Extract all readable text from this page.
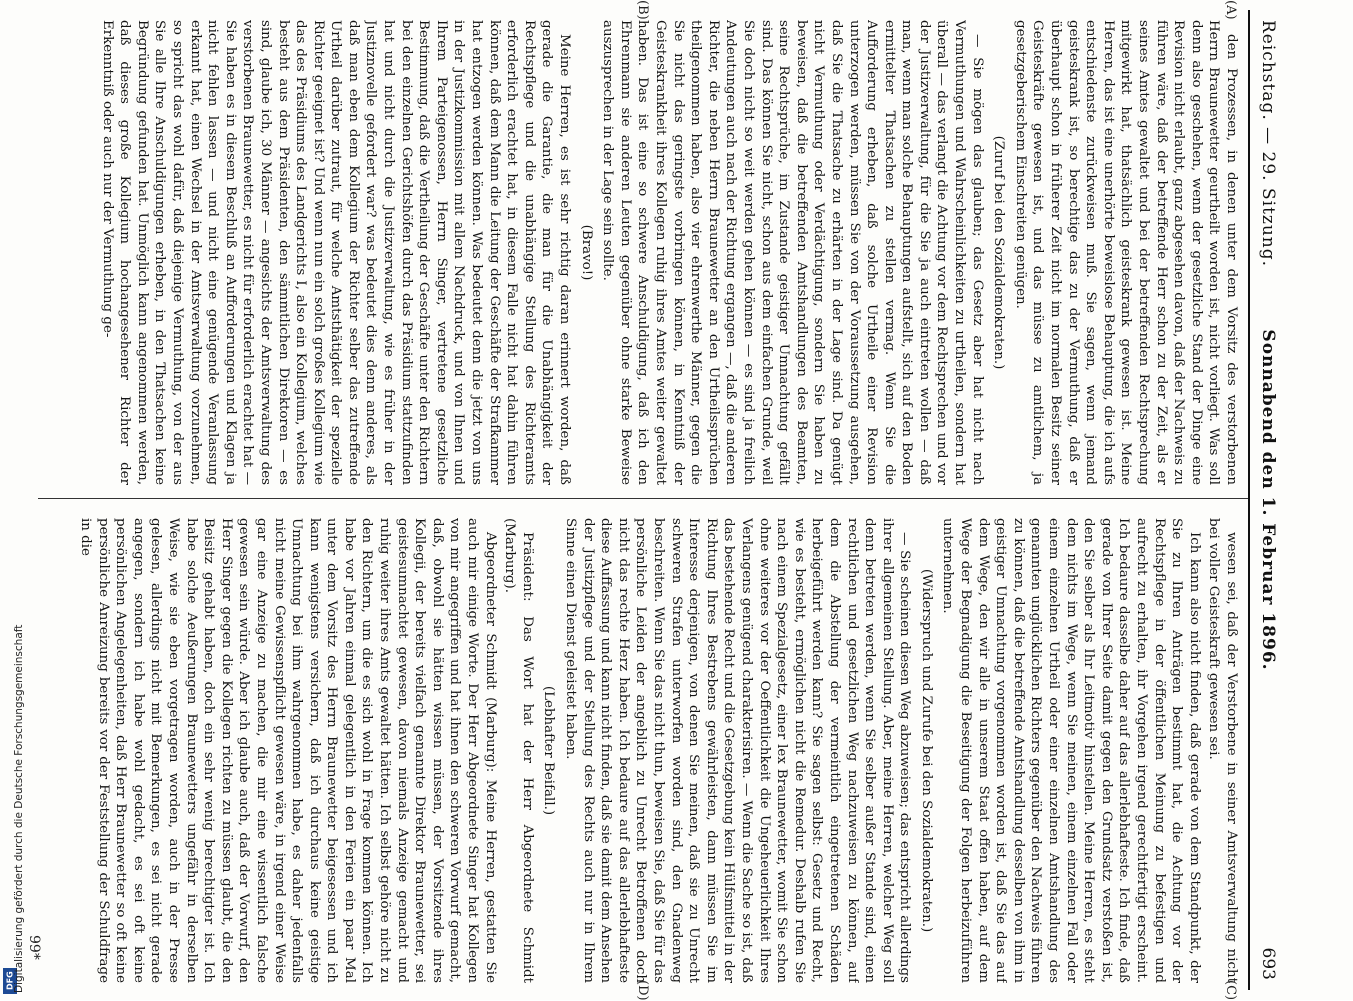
Reichstag. — 29. Sitzung.
Sonnabend den 1. Februar 1896.
693

den Prozessen, in denen unter dem Vorsitz des verstorbenen Herrn Braunewetter geurtheilt worden ist, nicht vorliegt. Was soll denn also geschehen, wenn der gesetzliche Stand der Dinge eine Revision nicht erlaubt, ganz abgesehen davon, daß der Nachweis zu führen wäre, daß der betreffende Herr schon zu der Zeit, als er seines Amtes gewaltet und bei der betreffenden Rechtsprechung mitgewirkt hat, thatsächlich geisteskrank gewesen ist. Meine Herren, das ist eine unerhörte beweislose Behauptung, die ich aufs entschiedenste zurückweisen muß. Sie sagen, wenn jemand geisteskrank ist, so berechtige das zu der Vermuthung, daß er überhaupt schon in früherer Zeit nicht im normalen Besitz seiner Geisteskräfte gewesen ist, und das müsse zu amtlichem, ja gesetzgeberischem Einschreiten genügen.

(Zuruf bei den Sozialdemokraten.)

— Sie mögen das glauben; das Gesetz aber hat nicht nach Vermuthungen und Wahrscheinlichkeiten zu urtheilen, sondern hat überall — das verlangt die Achtung vor dem Rechtsprechen und vor der Justizverwaltung, für die Sie ja auch eintreten wollen — daß man, wenn man solche Behauptungen aufstellt, sich auf den Boden ermittelter Thatsachen zu stellen vermag. Wenn Sie die Aufforderung erheben, daß solche Urtheile einer Revision unterzogen werden, müssen Sie von der Voraussetzung ausgehen, daß Sie die Thatsache zu erhärten in der Lage sind. Da genügt nicht Vermuthung oder Verdächtigung, sondern Sie haben zu beweisen, daß die betreffenden Amtshandlungen des Beamten, seine Rechtsprüche, im Zustande geistiger Umnachtung gefällt sind. Das können Sie nicht, schon aus dem einfachen Grunde, weil Sie doch nicht so weit werden gehen können — es sind ja freilich Andeutungen auch nach der Richtung ergangen —, daß die anderen Richter, die neben Herrn Braunewetter an den Urtheilssprüchen theilgenommen haben, also vier ehrenwerthe Männer, gegen die Sie nicht das geringste vorbringen können, in Kenntniß der Geisteskrankheit ihres Kollegen ruhig ihres Amtes weiter gewaltet haben. Das ist eine so schwere Anschuldigung, daß ich den Ehrenmann sie anderen Leuten gegenüber ohne starke Beweise auszusprechen in der Lage sein sollte.

(Bravo!)

Meine Herren, es ist sehr richtig daran erinnert worden, daß gerade die Garantie, die man für die Unabhängigkeit der Rechtspflege und die unabhängige Stellung des Richteramts erforderlich erachtet hat, in diesem Falle nicht hat dahin führen können, daß dem Mann die Leitung der Geschäfte der Strafkammer hat entzogen werden können. Was bedeutet denn die jetzt von uns in der Justizkommission mit allem Nachdruck, und von Ihnen und Ihrem Parteigenossen, Herrn Singer, vertretene gesetzliche Bestimmung, daß die Vertheilung der Geschäfte unter den Richtern bei den einzelnen Gerichtshöfen durch das Präsidium stattzufinden hat und nicht durch die Justizverwaltung, wie es früher in der Justiznovelle gefordert war? was bedeutet dies denn anderes, als daß man eben dem Kollegium der Richter selber das zutreffende Urtheil darüber zutraut, für welche Amtsthätigkeit der spezielle Richter geeignet ist? Und wenn nun ein solch großes Kollegium wie das des Präsidiums des Landgerichts I, also ein Kollegium, welches besteht aus dem Präsidenten, den sämmtlichen Direktoren — es sind, glaube ich, 30 Männer — angesichts der Amtsverwaltung des verstorbenen Braunewetter, es nicht für erforderlich erachtet hat — Sie haben es in diesem Beschluß an Aufforderungen und Klagen ja nicht fehlen lassen — und nicht eine genügende Veranlassung erkannt hat, einen Wechsel in der Amtsverwaltung vorzunehmen, so spricht das wohl dafür, daß diejenige Vermuthung, von der aus Sie alle Ihre Anschuldigungen erheben, in den Thatsachen keine Begründung gefunden hat. Unmöglich kann angenommen werden, daß dieses große Kollegium hochangesehener Richter der Erkenntniß oder auch nur der Vermuthung ge-

wesen sei, daß der Verstorbene in seiner Amtsverwaltung nicht bei voller Geisteskraft gewesen sei.

Ich kann also nicht finden, daß gerade von dem Standpunkt, der Sie zu Ihren Anträgen bestimmt hat, die Achtung vor der Rechtspflege in der öffentlichen Meinung zu befestigen und aufrecht zu erhalten, ihr Vorgehen irgend gerechtfertigt erscheint. Ich bedaure dasselbe daher auf das allerlebhafteste. Ich finde, daß gerade von Ihrer Seite damit gegen den Grundsatz verstoßen ist, den Sie selber als Ihr Leitmotiv hinstellen. Meine Herren, es steht dem nichts im Wege, wenn Sie meinen, einem einzelnen Fall oder einem einzelnen Urtheil oder einer einzelnen Amtshandlung des genannten unglücklichen Richters gegenüber den Nachweis führen zu können, daß die betreffende Amtshandlung desselben von ihm in geistiger Umnachtung vorgenommen worden ist, daß Sie das auf dem Wege, den wir alle in unserem Staat offen haben, auf dem Wege der Begnadigung die Beseitigung der Folgen herbeizuführen unternehmen.

(Widerspruch und Zurufe bei den Sozialdemokraten.)

— Sie scheinen diesen Weg abzuweisen; das entspricht allerdings ihrer allgemeinen Stellung. Aber, meine Herren, welcher Weg soll denn betreten werden, wenn Sie selber außer Stande sind, einen rechtlichen und gesetzlichen Weg nachzuweisen zu können, auf dem die Abstellung der vermeintlich eingetretenen Schäden herbeigeführt werden kann? Sie sagen selbst: Gesetz und Recht, wie es besteht, ermöglichen nicht die Remedur. Deshalb rufen Sie nach einem Spezialgesetz, einer lex Braunewetter, womit Sie schon ohne weiteres vor der Oeffentlichkeit die Ungeheuerlichkeit Ihres Verlangens genügend charakterisiren. — Wenn die Sache so ist, daß das bestehende Recht und die Gesetzgebung kein Hülfsmittel in der Richtung Ihres Bestrebens gewährleisten, dann müssen Sie im Interesse derjenigen, von denen Sie meinen, daß sie zu Unrecht schweren Strafen unterworfen worden sind, den Gnadenweg beschreiten. Wenn Sie das nicht thun, beweisen Sie, daß Sie für das persönliche Leiden der angeblich zu Unrecht Betroffenen doch nicht das rechte Herz haben. Ich bedaure auf das allerlebhafteste diese Auffassung und kann nicht finden, daß sie damit dem Ansehen der Justizpflege und der Stellung des Rechts auch nur in Ihrem Sinne einen Dienst geleistet haben.

(Lebhafter Beifall.)

Präsident: Das Wort hat der Herr Abgeordnete Schmidt (Marburg).

Abgeordneter Schmidt (Marburg): Meine Herren, gestatten Sie auch mir einige Worte. Der Herr Abgeordnete Singer hat Kollegen von mir angegriffen und hat ihnen den schweren Vorwurf gemacht, daß, obwohl sie hätten wissen müssen, der Vorsitzende ihres Kollegii, der bereits vielfach genannte Direktor Braunewetter, sei geistesumnachtet gewesen, davon niemals Anzeige gemacht und ruhig weiter ihres Amts gewaltet hätten. Ich selbst gehöre nicht zu den Richtern, um die es sich wohl in Frage kommen können. Ich habe vor Jahren einmal gelegentlich in den Ferien ein paar Mal unter dem Vorsitz des Herrn Braunewetter beigesessen und ich kann wenigstens versichern, daß ich durchaus keine geistige Umnachtung bei ihm wahrgenommen habe, es daher jedenfalls nicht meine Gewissenspflicht gewesen wäre, in irgend einer Weise gar eine Anzeige zu machen, die mir eine wissentlich falsche gewesen sein würde. Aber ich glaube auch, daß der Vorwurf, den Herr Singer gegen die Kollegen richten zu müssen glaubt, die den Beisitz gehabt haben, doch ein sehr wenig berechtigter ist. Ich habe solche Aeußerungen Braunewetters ungefähr in derselben Weise, wie sie eben vorgetragen worden, auch in der Presse gelesen, allerdings nicht mit Bemerkungen, es sei nicht gerade angegen, sondern ich habe wohl gedacht, es sei oft keine persönlichen Angelegenheiten, daß Herr Braunewetter so oft keine persönliche Anreizung bereits vor der Feststellung der Schuldfrage in die

(A)
(B)
(C)
(D)
99*
DFG
Digitalisierung gefördert durch die Deutsche Forschungsgemeinschaft
